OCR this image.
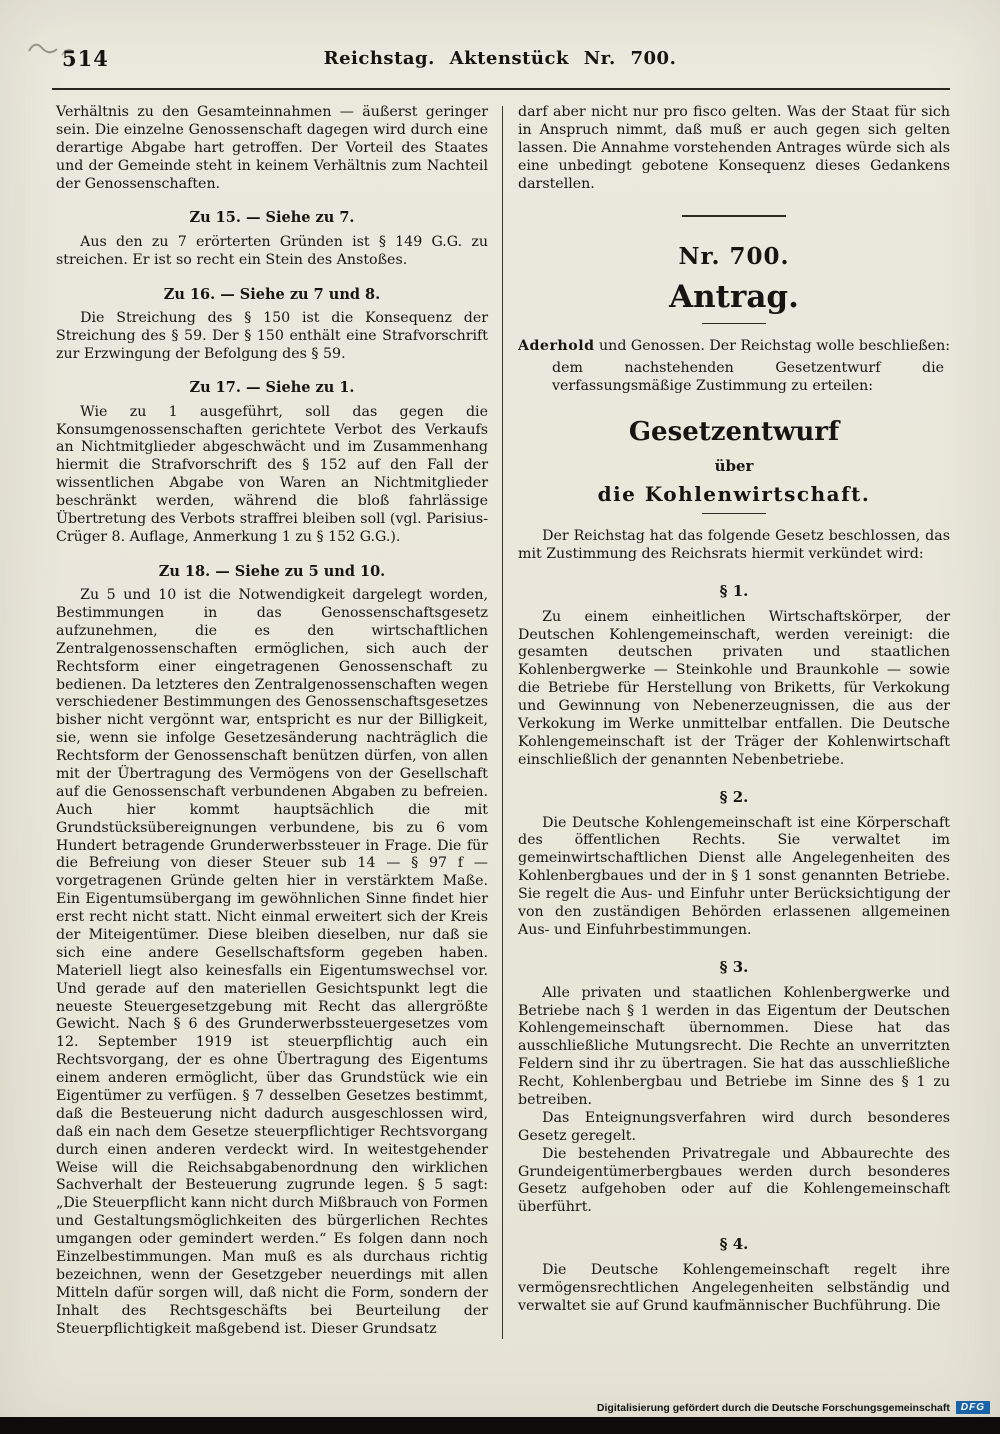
514	Reichstag. Aktenstück Nr. 700.
Verhältnis zu den Gesamteinnahmen — äußerst geringer sein. Die einzelne Genossenschaft dagegen wird durch eine derartige Abgabe hart getroffen. Der Vorteil des Staates und der Gemeinde steht in keinem Verhältnis zum Nachteil der Genossenschaften.
Zu 15. — Siehe zu 7.
Aus den zu 7 erörterten Gründen ist § 149 G.G. zu streichen. Er ist so recht ein Stein des Anstoßes.
Zu 16. — Siehe zu 7 und 8.
Die Streichung des § 150 ist die Konsequenz der Streichung des § 59. Der § 150 enthält eine Strafvorschrift zur Erzwingung der Befolgung des § 59.
Zu 17. — Siehe zu 1.
Wie zu 1 ausgeführt, soll das gegen die Konsumgenossenschaften gerichtete Verbot des Verkaufs an Nichtmitglieder abgeschwächt und im Zusammenhang hiermit die Strafvorschrift des § 152 auf den Fall der wissentlichen Abgabe von Waren an Nichtmitglieder beschränkt werden, während die bloß fahrlässige Übertretung des Verbots straffrei bleiben soll (vgl. Parisius-Crüger 8. Auflage, Anmerkung 1 zu § 152 G.G.).
Zu 18. — Siehe zu 5 und 10.
Zu 5 und 10 ist die Notwendigkeit dargelegt worden, Bestimmungen in das Genossenschaftsgesetz aufzunehmen, die es den wirtschaftlichen Zentralgenossenschaften ermöglichen, sich auch der Rechtsform einer eingetragenen Genossenschaft zu bedienen. Da letzteres den Zentralgenossenschaften wegen verschiedener Bestimmungen des Genossenschaftsgesetzes bisher nicht vergönnt war, entspricht es nur der Billigkeit, sie, wenn sie infolge Gesetzesänderung nachträglich die Rechtsform der Genossenschaft benützen dürfen, von allen mit der Übertragung des Vermögens von der Gesellschaft auf die Genossenschaft verbundenen Abgaben zu befreien. Auch hier kommt hauptsächlich die mit Grundstücksübereignungen verbundene, bis zu 6 vom Hundert betragende Grunderwerbssteuer in Frage. Die für die Befreiung von dieser Steuer sub 14 — § 97 f — vorgetragenen Gründe gelten hier in verstärktem Maße. Ein Eigentumsübergang im gewöhnlichen Sinne findet hier erst recht nicht statt. Nicht einmal erweitert sich der Kreis der Miteigentümer. Diese bleiben dieselben, nur daß sie sich eine andere Gesellschaftsform gegeben haben. Materiell liegt also keinesfalls ein Eigentumswechsel vor. Und gerade auf den materiellen Gesichtspunkt legt die neueste Steuergesetzgebung mit Recht das allergrößte Gewicht. Nach § 6 des Grunderwerbssteuergesetzes vom 12. September 1919 ist steuerpflichtig auch ein Rechtsvorgang, der es ohne Übertragung des Eigentums einem anderen ermöglicht, über das Grundstück wie ein Eigentümer zu verfügen. § 7 desselben Gesetzes bestimmt, daß die Besteuerung nicht dadurch ausgeschlossen wird, daß ein nach dem Gesetze steuerpflichtiger Rechtsvorgang durch einen anderen verdeckt wird. In weitestgehender Weise will die Reichsabgabenordnung den wirklichen Sachverhalt der Besteuerung zugrunde legen. § 5 sagt: „Die Steuerpflicht kann nicht durch Mißbrauch von Formen und Gestaltungsmöglichkeiten des bürgerlichen Rechtes umgangen oder gemindert werden.“ Es folgen dann noch Einzelbestimmungen. Man muß es als durchaus richtig bezeichnen, wenn der Gesetzgeber neuerdings mit allen Mitteln dafür sorgen will, daß nicht die Form, sondern der Inhalt des Rechtsgeschäfts bei Beurteilung der Steuerpflichtigkeit maßgebend ist. Dieser Grundsatz
darf aber nicht nur pro fisco gelten. Was der Staat für sich in Anspruch nimmt, daß muß er auch gegen sich gelten lassen. Die Annahme vorstehenden Antrages würde sich als eine unbedingt gebotene Konsequenz dieses Gedankens darstellen.
Nr. 700.
Antrag.
Aderhold und Genossen. Der Reichstag wolle beschließen:
dem nachstehenden Gesetzentwurf die verfassungsmäßige Zustimmung zu erteilen:
Gesetzentwurf
über
die Kohlenwirtschaft.
Der Reichstag hat das folgende Gesetz beschlossen, das mit Zustimmung des Reichsrats hiermit verkündet wird:
§ 1.
Zu einem einheitlichen Wirtschaftskörper, der Deutschen Kohlengemeinschaft, werden vereinigt: die gesamten deutschen privaten und staatlichen Kohlenbergwerke — Steinkohle und Braunkohle — sowie die Betriebe für Herstellung von Briketts, für Verkokung und Gewinnung von Nebenerzeugnissen, die aus der Verkokung im Werke unmittelbar entfallen. Die Deutsche Kohlengemeinschaft ist der Träger der Kohlenwirtschaft einschließlich der genannten Nebenbetriebe.
§ 2.
Die Deutsche Kohlengemeinschaft ist eine Körperschaft des öffentlichen Rechts. Sie verwaltet im gemeinwirtschaftlichen Dienst alle Angelegenheiten des Kohlenbergbaues und der in § 1 sonst genannten Betriebe. Sie regelt die Aus- und Einfuhr unter Berücksichtigung der von den zuständigen Behörden erlassenen allgemeinen Aus- und Einfuhrbestimmungen.
§ 3.
Alle privaten und staatlichen Kohlenbergwerke und Betriebe nach § 1 werden in das Eigentum der Deutschen Kohlengemeinschaft übernommen. Diese hat das ausschließliche Mutungsrecht. Die Rechte an unverritzten Feldern sind ihr zu übertragen. Sie hat das ausschließliche Recht, Kohlenbergbau und Betriebe im Sinne des § 1 zu betreiben.
Das Enteignungsverfahren wird durch besonderes Gesetz geregelt.
Die bestehenden Privatregale und Abbaurechte des Grundeigentümerbergbaues werden durch besonderes Gesetz aufgehoben oder auf die Kohlengemeinschaft überführt.
§ 4.
Die Deutsche Kohlengemeinschaft regelt ihre vermögensrechtlichen Angelegenheiten selbständig und verwaltet sie auf Grund kaufmännischer Buchführung. Die
Digitalisierung gefördert durch die Deutsche Forschungsgemeinschaft	DFG
